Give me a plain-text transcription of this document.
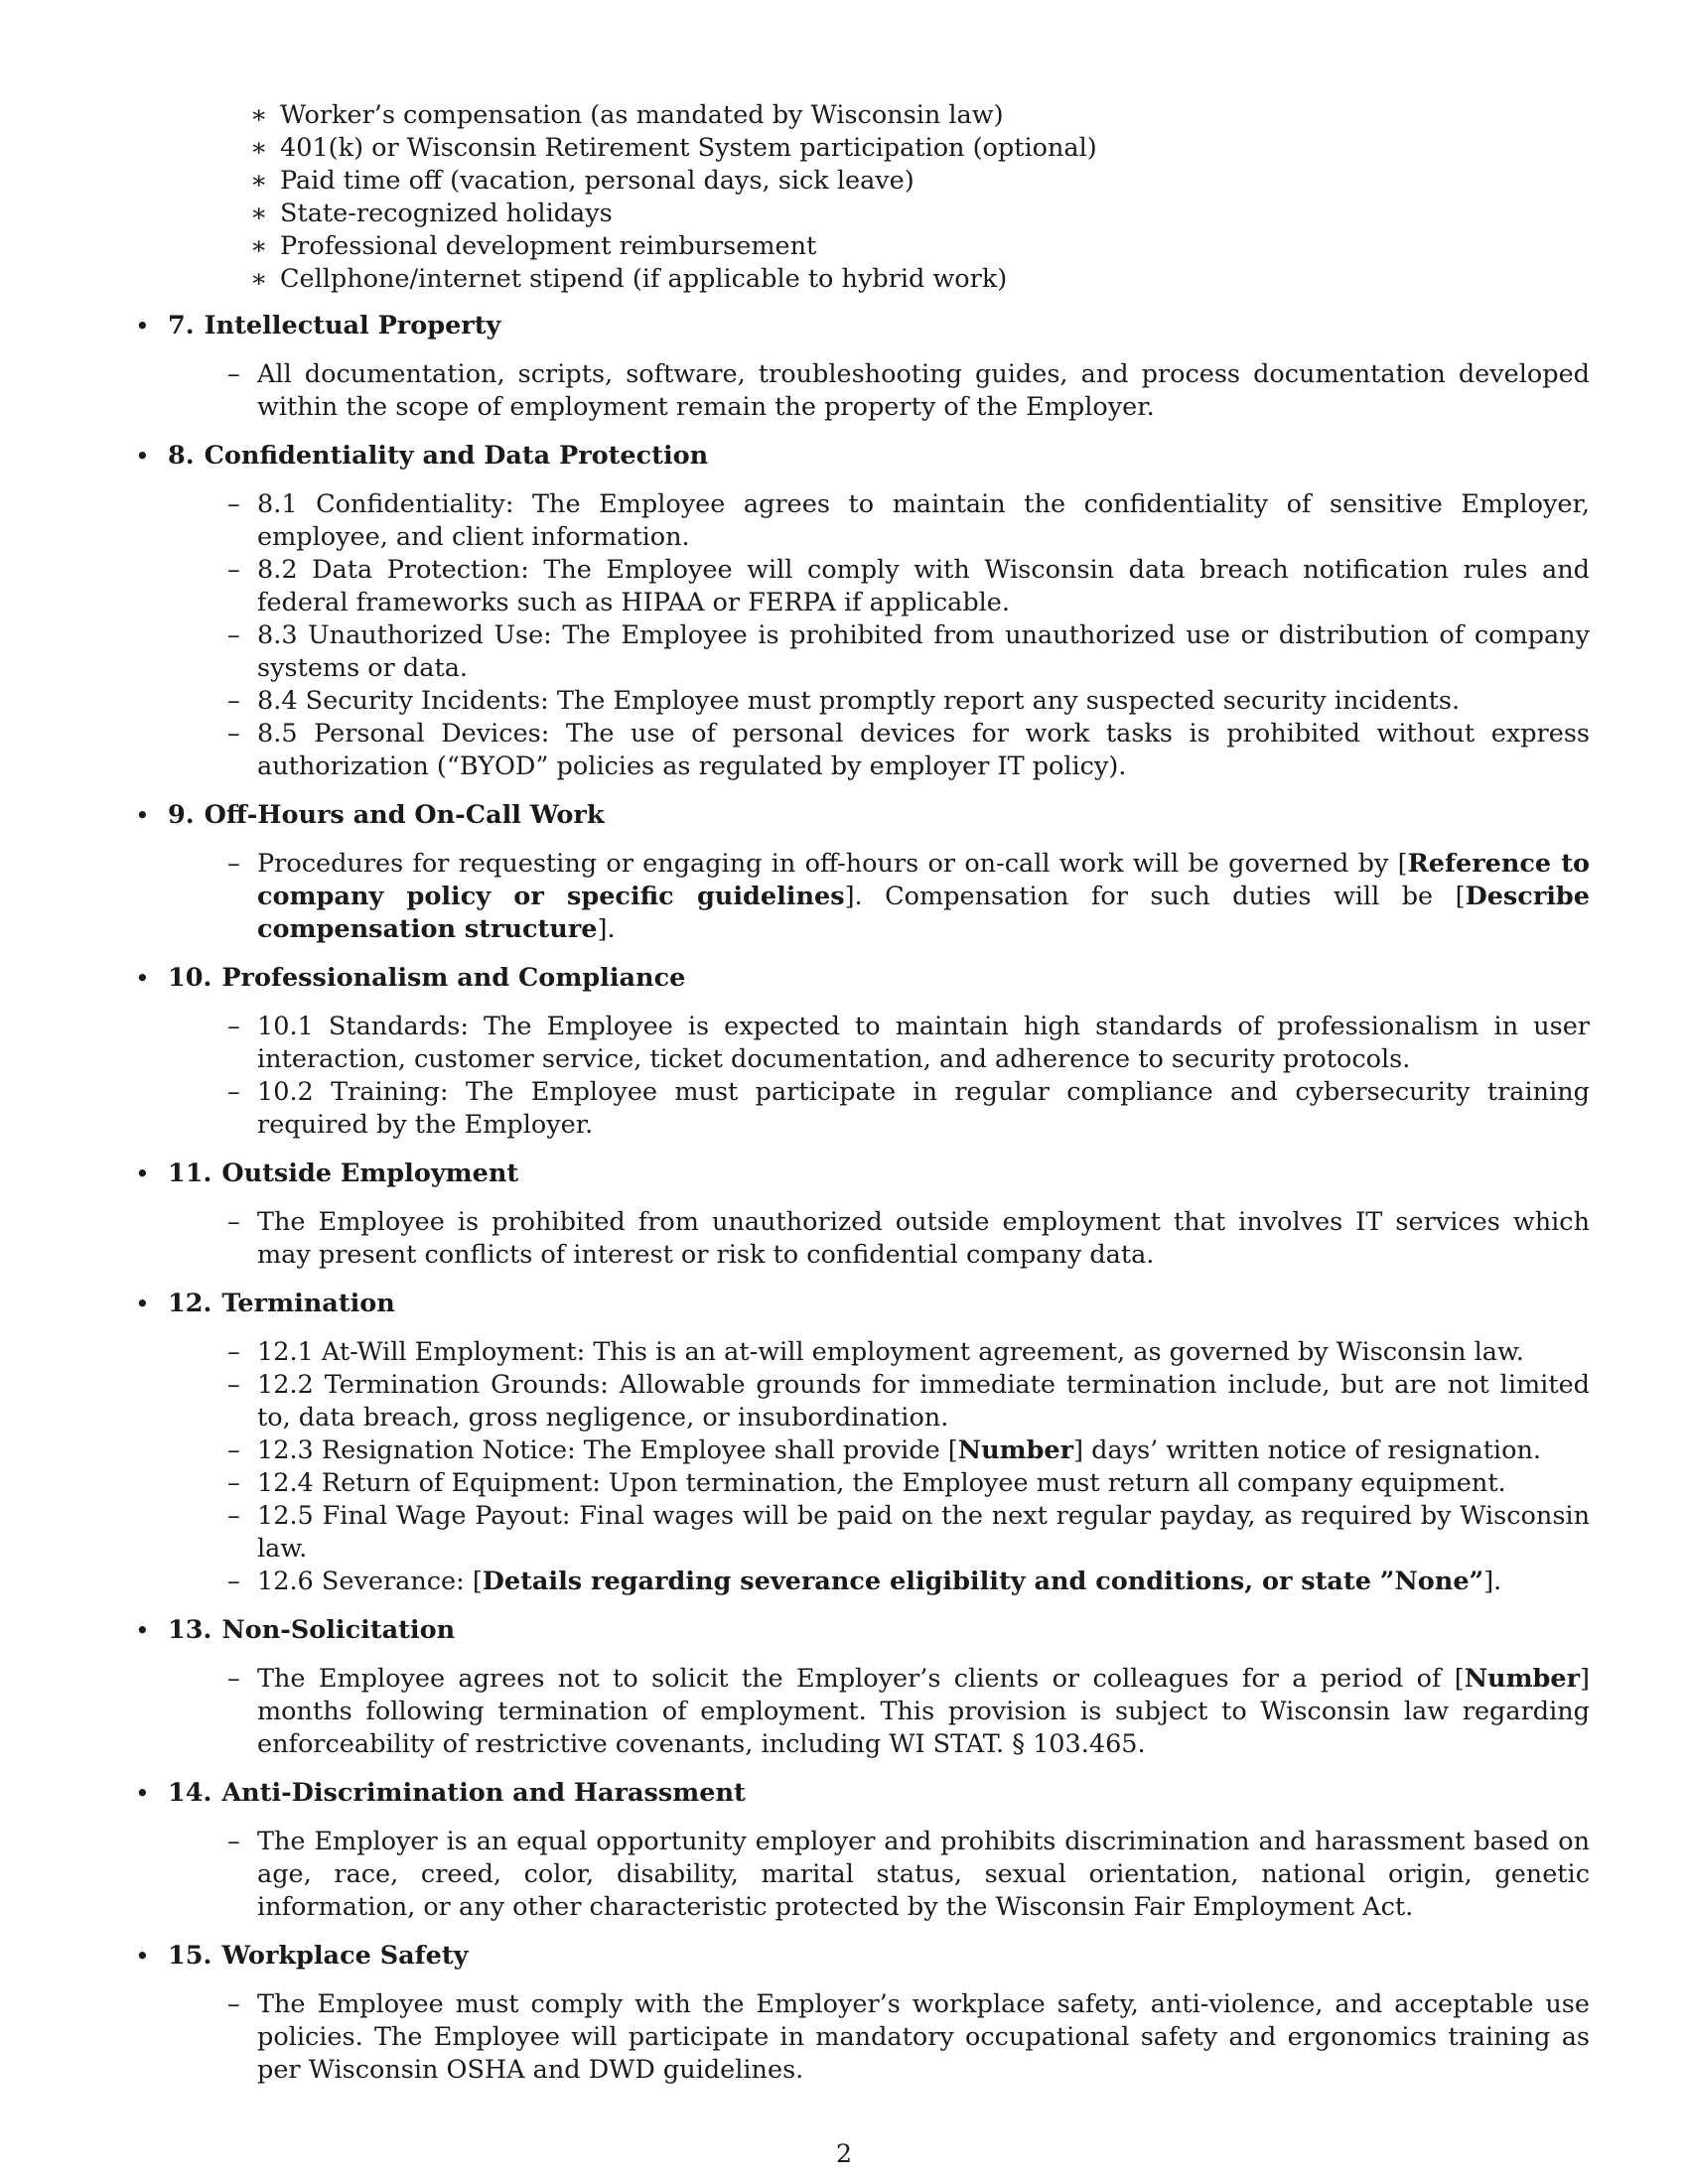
∗ Worker’s compensation (as mandated by Wisconsin law)
∗ 401(k) or Wisconsin Retirement System participation (optional)
∗ Paid time off (vacation, personal days, sick leave)
∗ State-recognized holidays
∗ Professional development reimbursement
∗ Cellphone/internet stipend (if applicable to hybrid work)
• 7. Intellectual Property
– All documentation, scripts, software, troubleshooting guides, and process documentation developed within the scope of employment remain the property of the Employer.
• 8. Confidentiality and Data Protection
– 8.1 Confidentiality: The Employee agrees to maintain the confidentiality of sensitive Employer, employee, and client information.
– 8.2 Data Protection: The Employee will comply with Wisconsin data breach notification rules and federal frameworks such as HIPAA or FERPA if applicable.
– 8.3 Unauthorized Use: The Employee is prohibited from unauthorized use or distribution of company systems or data.
– 8.4 Security Incidents: The Employee must promptly report any suspected security incidents.
– 8.5 Personal Devices: The use of personal devices for work tasks is prohibited without express authorization (“BYOD” policies as regulated by employer IT policy).
• 9. Off-Hours and On-Call Work
– Procedures for requesting or engaging in off-hours or on-call work will be governed by [Reference to company policy or specific guidelines]. Compensation for such duties will be [Describe compensation structure].
• 10. Professionalism and Compliance
– 10.1 Standards: The Employee is expected to maintain high standards of professionalism in user interaction, customer service, ticket documentation, and adherence to security protocols.
– 10.2 Training: The Employee must participate in regular compliance and cybersecurity training required by the Employer.
• 11. Outside Employment
– The Employee is prohibited from unauthorized outside employment that involves IT services which may present conflicts of interest or risk to confidential company data.
• 12. Termination
– 12.1 At-Will Employment: This is an at-will employment agreement, as governed by Wisconsin law.
– 12.2 Termination Grounds: Allowable grounds for immediate termination include, but are not limited to, data breach, gross negligence, or insubordination.
– 12.3 Resignation Notice: The Employee shall provide [Number] days’ written notice of resignation.
– 12.4 Return of Equipment: Upon termination, the Employee must return all company equipment.
– 12.5 Final Wage Payout: Final wages will be paid on the next regular payday, as required by Wisconsin law.
– 12.6 Severance: [Details regarding severance eligibility and conditions, or state ”None”].
• 13. Non-Solicitation
– The Employee agrees not to solicit the Employer’s clients or colleagues for a period of [Number] months following termination of employment. This provision is subject to Wisconsin law regarding enforceability of restrictive covenants, including WI STAT. § 103.465.
• 14. Anti-Discrimination and Harassment
– The Employer is an equal opportunity employer and prohibits discrimination and harassment based on age, race, creed, color, disability, marital status, sexual orientation, national origin, genetic information, or any other characteristic protected by the Wisconsin Fair Employment Act.
• 15. Workplace Safety
– The Employee must comply with the Employer’s workplace safety, anti-violence, and acceptable use policies. The Employee will participate in mandatory occupational safety and ergonomics training as per Wisconsin OSHA and DWD guidelines.
2
